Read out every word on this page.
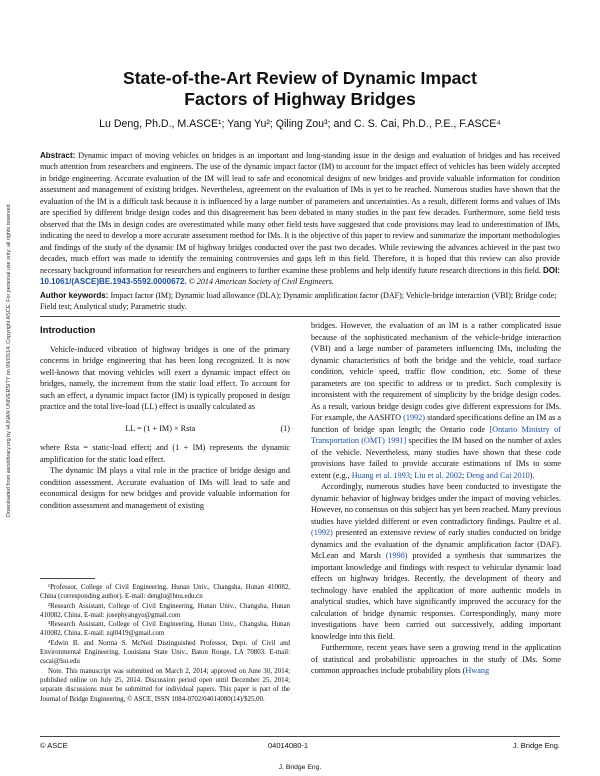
Downloaded from ascelibrary.org by HUNAN UNIVERSITY on 09/03/14. Copyright ASCE. For personal use only; all rights reserved.
State-of-the-Art Review of Dynamic Impact
Factors of Highway Bridges
Lu Deng, Ph.D., M.ASCE¹; Yang Yu²; Qiling Zou³; and C. S. Cai, Ph.D., P.E., F.ASCE⁴
Abstract: Dynamic impact of moving vehicles on bridges is an important and long-standing issue in the design and evaluation of bridges and has received much attention from researchers and engineers. The use of the dynamic impact factor (IM) to account for the impact effect of vehicles has been widely accepted in bridge engineering. Accurate evaluation of the IM will lead to safe and economical designs of new bridges and provide valuable information for condition assessment and management of existing bridges. Nevertheless, agreement on the evaluation of IMs is yet to be reached. Numerous studies have shown that the evaluation of the IM is a difficult task because it is influenced by a large number of parameters and uncertainties. As a result, different forms and values of IMs are specified by different bridge design codes and this disagreement has been debated in many studies in the past few decades. Furthermore, some field tests observed that the IMs in design codes are overestimated while many other field tests have suggested that code provisions may lead to underestimation of IMs, indicating the need to develop a more accurate assessment method for IMs. It is the objective of this paper to review and summarize the important methodologies and findings of the study of the dynamic IM of highway bridges conducted over the past two decades. While reviewing the advances achieved in the past two decades, much effort was made to identify the remaining controversies and gaps left in this field. Therefore, it is hoped that this review can also provide necessary background information for researchers and engineers to further examine these problems and help identify future research directions in this field. DOI: 10.1061/(ASCE)BE.1943-5592.0000672. © 2014 American Society of Civil Engineers.
Author keywords: Impact factor (IM); Dynamic load allowance (DLA); Dynamic amplification factor (DAF); Vehicle-bridge interaction (VBI); Bridge code; Field test; Analytical study; Parametric study.
Introduction

Vehicle-induced vibration of highway bridges is one of the primary concerns in bridge engineering that has been long recognized. It is now well-known that moving vehicles will exert a dynamic impact effect on bridges, namely, the increment from the static load effect. To account for such an effect, a dynamic impact factor (IM) is typically proposed in design practice and the total live-load (LL) effect is usually calculated as

LL = (1 + IM) × Rsta	(1)

where Rsta = static-load effect; and (1 + IM) represents the dynamic amplification for the static load effect.

The dynamic IM plays a vital role in the practice of bridge design and condition assessment. Accurate evaluation of IMs will lead to safe and economical designs for new bridges and provide valuable information for condition assessment and management of existing

¹Professor, College of Civil Engineering, Hunan Univ., Changsha, Hunan 410082, China (corresponding author). E-mail: denglu@hnu.edu.cn

²Research Assistant, College of Civil Engineering, Hunan Univ., Changsha, Hunan 410082, China. E-mail: josephyangyu@gmail.com

³Research Assistant, College of Civil Engineering, Hunan Univ., Changsha, Hunan 410082, China. E-mail: zql0419@gmail.com

⁴Edwin B. and Norma S. McNeil Distinguished Professor, Dept. of Civil and Environmental Engineering, Louisiana State Univ., Baton Rouge, LA 70803. E-mail: cscai@lsu.edu

Note. This manuscript was submitted on March 2, 2014; approved on June 30, 2014; published online on July 25, 2014. Discussion period open until December 25, 2014; separate discussions must be submitted for individual papers. This paper is part of the Journal of Bridge Engineering, © ASCE, ISSN 1084-0702/04014080(14)/$25.00.

bridges. However, the evaluation of an IM is a rather complicated issue because of the sophisticated mechanism of the vehicle-bridge interaction (VBI) and a large number of parameters influencing IMs, including the dynamic characteristics of both the bridge and the vehicle, road surface condition, vehicle speed, traffic flow condition, etc. Some of these parameters are too specific to address or to predict. Such complexity is inconsistent with the requirement of simplicity by the bridge design codes. As a result, various bridge design codes give different expressions for IMs. For example, the AASHTO (1992) standard specifications define an IM as a function of bridge span length; the Ontario code [Ontario Ministry of Transportation (OMT) 1991] specifies the IM based on the number of axles of the vehicle. Nevertheless, many studies have shown that these code provisions have failed to provide accurate estimations of IMs to some extent (e.g., Huang et al. 1993; Liu et al. 2002; Deng and Cai 2010).

Accordingly, numerous studies have been conducted to investigate the dynamic behavior of highway bridges under the impact of moving vehicles. However, no consensus on this subject has yet been reached. Many previous studies have yielded different or even contradictory findings. Paultre et al. (1992) presented an extensive review of early studies conducted on bridge dynamics and the evaluation of the dynamic amplification factor (DAF). McLean and Marsh (1998) provided a synthesis that summarizes the important knowledge and findings with respect to vehicular dynamic load effects on highway bridges. Recently, the development of theory and technology have enabled the application of more authentic models in analytical studies, which have significantly improved the accuracy for the calculation of bridge dynamic responses. Correspondingly, many more investigations have been carried out successively, adding important knowledge into this field.

Furthermore, recent years have seen a growing trend in the application of statistical and probabilistic approaches in the study of IMs. Some common approaches include probability plots (Hwang

© ASCE	04014080-1	J. Bridge Eng.
J. Bridge Eng.
